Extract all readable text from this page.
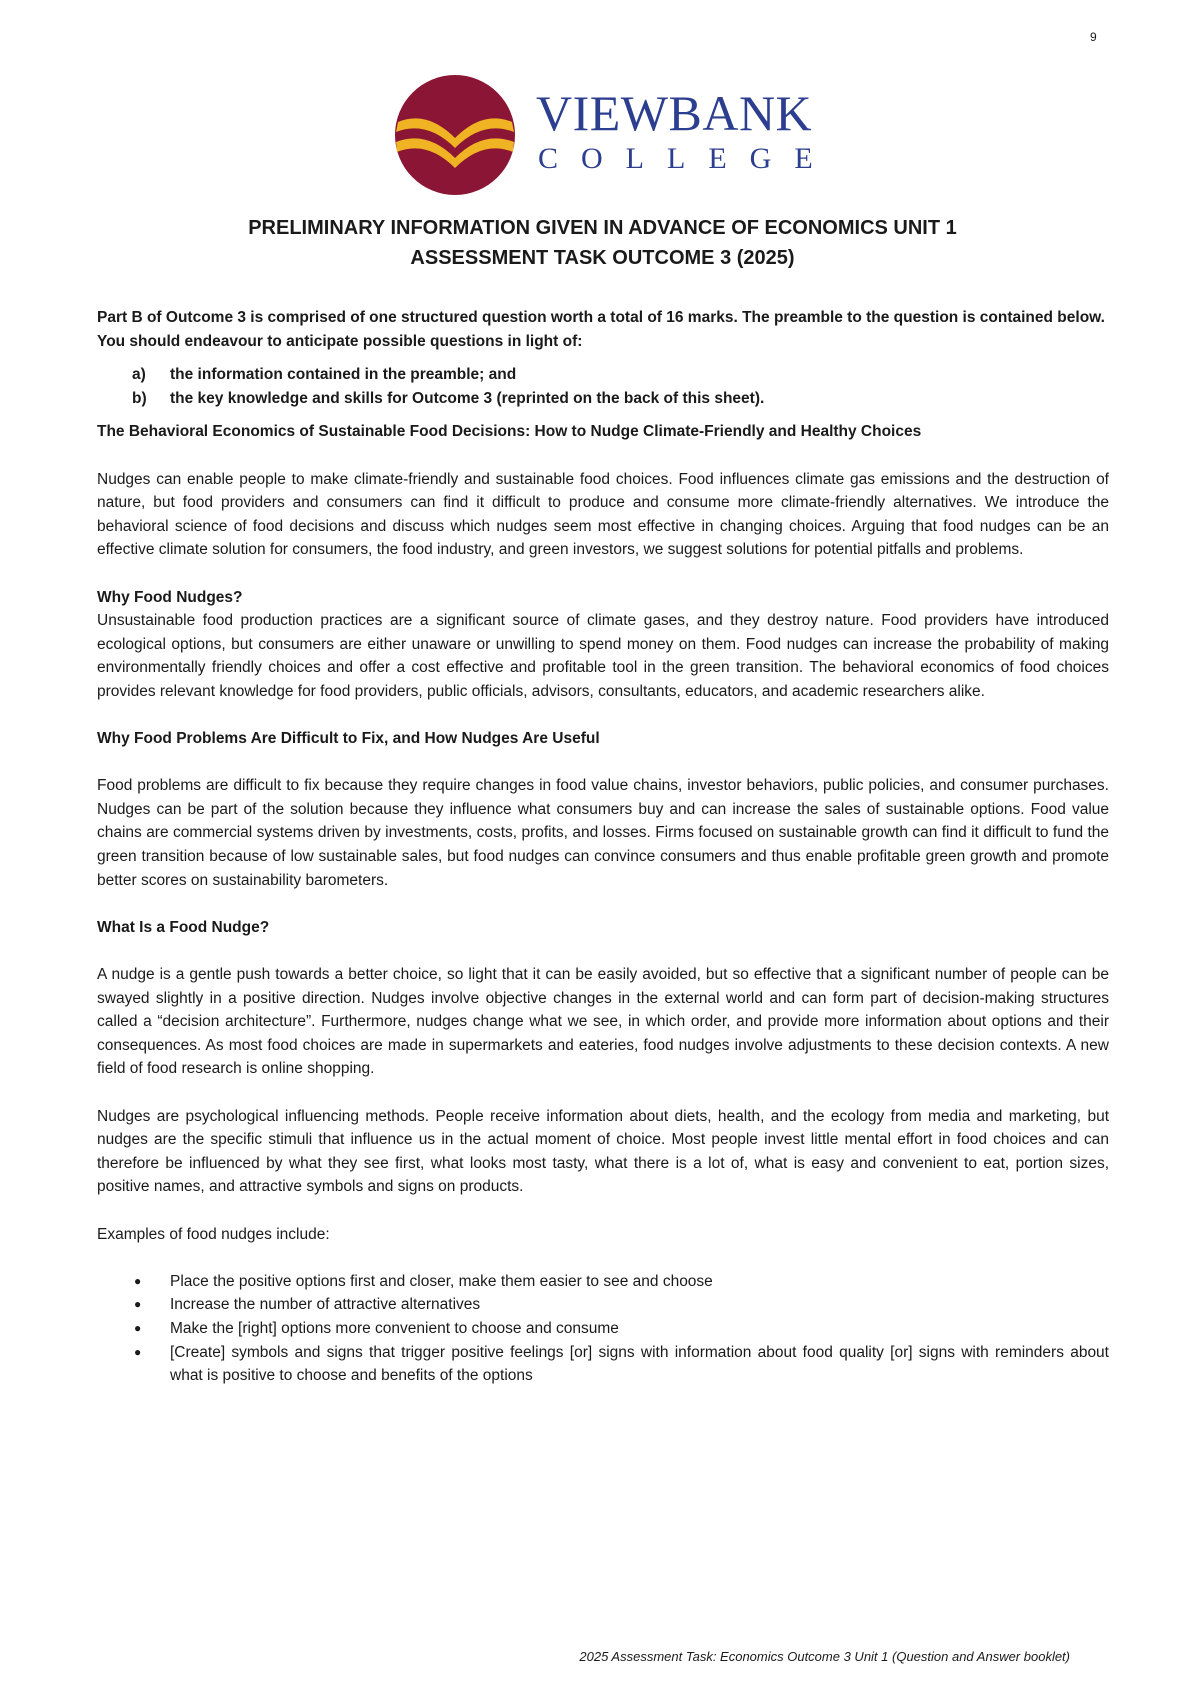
9
VIEWBANK
COLLEGE
PRELIMINARY INFORMATION GIVEN IN ADVANCE OF ECONOMICS UNIT 1
ASSESSMENT TASK OUTCOME 3 (2025)

Part B of Outcome 3 is comprised of one structured question worth a total of 16 marks. The preamble to the question is contained below. You should endeavour to anticipate possible questions in light of:

a) the information contained in the preamble; and
b) the key knowledge and skills for Outcome 3 (reprinted on the back of this sheet).

The Behavioral Economics of Sustainable Food Decisions: How to Nudge Climate-Friendly and Healthy Choices

Nudges can enable people to make climate-friendly and sustainable food choices. Food influences climate gas emissions and the destruction of nature, but food providers and consumers can find it difficult to produce and consume more climate-friendly alternatives. We introduce the behavioral science of food decisions and discuss which nudges seem most effective in changing choices. Arguing that food nudges can be an effective climate solution for consumers, the food industry, and green investors, we suggest solutions for potential pitfalls and problems.

Why Food Nudges?

Unsustainable food production practices are a significant source of climate gases, and they destroy nature. Food providers have introduced ecological options, but consumers are either unaware or unwilling to spend money on them. Food nudges can increase the probability of making environmentally friendly choices and offer a cost effective and profitable tool in the green transition. The behavioral economics of food choices provides relevant knowledge for food providers, public officials, advisors, consultants, educators, and academic researchers alike.

Why Food Problems Are Difficult to Fix, and How Nudges Are Useful

Food problems are difficult to fix because they require changes in food value chains, investor behaviors, public policies, and consumer purchases. Nudges can be part of the solution because they influence what consumers buy and can increase the sales of sustainable options. Food value chains are commercial systems driven by investments, costs, profits, and losses. Firms focused on sustainable growth can find it difficult to fund the green transition because of low sustainable sales, but food nudges can convince consumers and thus enable profitable green growth and promote better scores on sustainability barometers.

What Is a Food Nudge?

A nudge is a gentle push towards a better choice, so light that it can be easily avoided, but so effective that a significant number of people can be swayed slightly in a positive direction. Nudges involve objective changes in the external world and can form part of decision-making structures called a “decision architecture”. Furthermore, nudges change what we see, in which order, and provide more information about options and their consequences. As most food choices are made in supermarkets and eateries, food nudges involve adjustments to these decision contexts. A new field of food research is online shopping.

Nudges are psychological influencing methods. People receive information about diets, health, and the ecology from media and marketing, but nudges are the specific stimuli that influence us in the actual moment of choice. Most people invest little mental effort in food choices and can therefore be influenced by what they see first, what looks most tasty, what there is a lot of, what is easy and convenient to eat, portion sizes, positive names, and attractive symbols and signs on products.

Examples of food nudges include:

● Place the positive options first and closer, make them easier to see and choose
● Increase the number of attractive alternatives
● Make the [right] options more convenient to choose and consume
● [Create] symbols and signs that trigger positive feelings [or] signs with information about food quality [or] signs with reminders about what is positive to choose and benefits of the options
2025 Assessment Task: Economics Outcome 3 Unit 1 (Question and Answer booklet)
